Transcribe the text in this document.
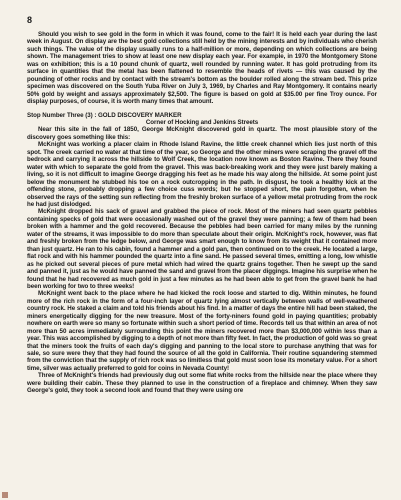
8

Should you wish to see gold in the form in which it was found, come to the fair! It is held each year during the last week in August. On display are the best gold collections still held by the mining interests and by individuals who cherish such things. The value of the display usually runs to a half-million or more, depending on which collections are being shown. The management tries to show at least one new display each year. For example, in 1970 the Montgomery Stone was on exhibition; this is a 10 pound chunk of quartz, well rounded by running water. It has gold protruding from its surface in quantities that the metal has been flattened to resemble the heads of rivets — this was caused by the pounding of other rocks and by contact with the stream's bottom as the boulder rolled along the stream bed. This prize specimen was discovered on the South Yuba River on July 3, 1969, by Charles and Ray Montgomery. It contains nearly 50% gold by weight and assays approximately $2,500. The figure is based on gold at $35.00 per fine Troy ounce. For display purposes, of course, it is worth many times that amount.

Stop Number Three (3) : GOLD DISCOVERY MARKER

Corner of Hocking and Jenkins Streets

Near this site in the fall of 1850, George McKnight discovered gold in quartz. The most plausible story of the discovery goes something like this:

McKnight was working a placer claim in Rhode Island Ravine, the little creek channel which lies just north of this spot. The creek carried no water at that time of the year, so George and the other miners were scraping the gravel off the bedrock and carrying it across the hillside to Wolf Creek, the location now known as Boston Ravine. There they found water with which to separate the gold from the gravel. This was back-breaking work and they were just barely making a living, so it is not difficult to imagine George dragging his feet as he made his way along the hillside. At some point just below the monument he stubbed his toe on a rock outcropping in the path. In disgust, he took a healthy kick at the offending stone, probably dropping a few choice cuss words; but he stopped short, the pain forgotten, when he observed the rays of the setting sun reflecting from the freshly broken surface of a yellow metal protruding from the rock he had just dislodged.

McKnight dropped his sack of gravel and grabbed the piece of rock. Most of the miners had seen quartz pebbles containing specks of gold that were occasionally washed out of the gravel they were panning; a few of them had been broken with a hammer and the gold recovered. Because the pebbles had been carried for many miles by the running water of the streams, it was impossible to do more than speculate about their origin. McKnight's rock, however, was flat and freshly broken from the ledge below, and George was smart enough to know from its weight that it contained more than just quartz. He ran to his cabin, found a hammer and a gold pan, then continued on to the creek. He located a large, flat rock and with his hammer pounded the quartz into a fine sand. He passed several times, emitting a long, low whistle as he picked out several pieces of pure metal which had wired the quartz grains together. Then he swept up the sand and panned it, just as he would have panned the sand and gravel from the placer diggings. Imagine his surprise when he found that he had recovered as much gold in just a few minutes as he had been able to get from the gravel bank he had been working for two to three weeks!

McKnight went back to the place where he had kicked the rock loose and started to dig. Within minutes, he found more of the rich rock in the form of a four-inch layer of quartz lying almost vertically between walls of well-weathered country rock. He staked a claim and told his friends about his find. In a matter of days the entire hill had been staked, the miners energetically digging for the new treasure. Most of the forty-niners found gold in paying quantities; probably nowhere on earth were so many so fortunate within such a short period of time. Records tell us that within an area of not more than 50 acres immediately surrounding this point the miners recovered more than $3,000,000 within less than a year. This was accomplished by digging to a depth of not more than fifty feet. In fact, the production of gold was so great that the miners took the fruits of each day's digging and panning to the local store to purchase anything that was for sale, so sure were they that they had found the source of all the gold in California. Their routine squandering stemmed from the conviction that the supply of rich rock was so limitless that gold must soon lose its monetary value. For a short time, silver was actually preferred to gold for coins in Nevada County!

Three of McKnight's friends had previously dug out some flat white rocks from the hillside near the place where they were building their cabin. These they planned to use in the construction of a fireplace and chimney. When they saw George's gold, they took a second look and found that they were using ore
